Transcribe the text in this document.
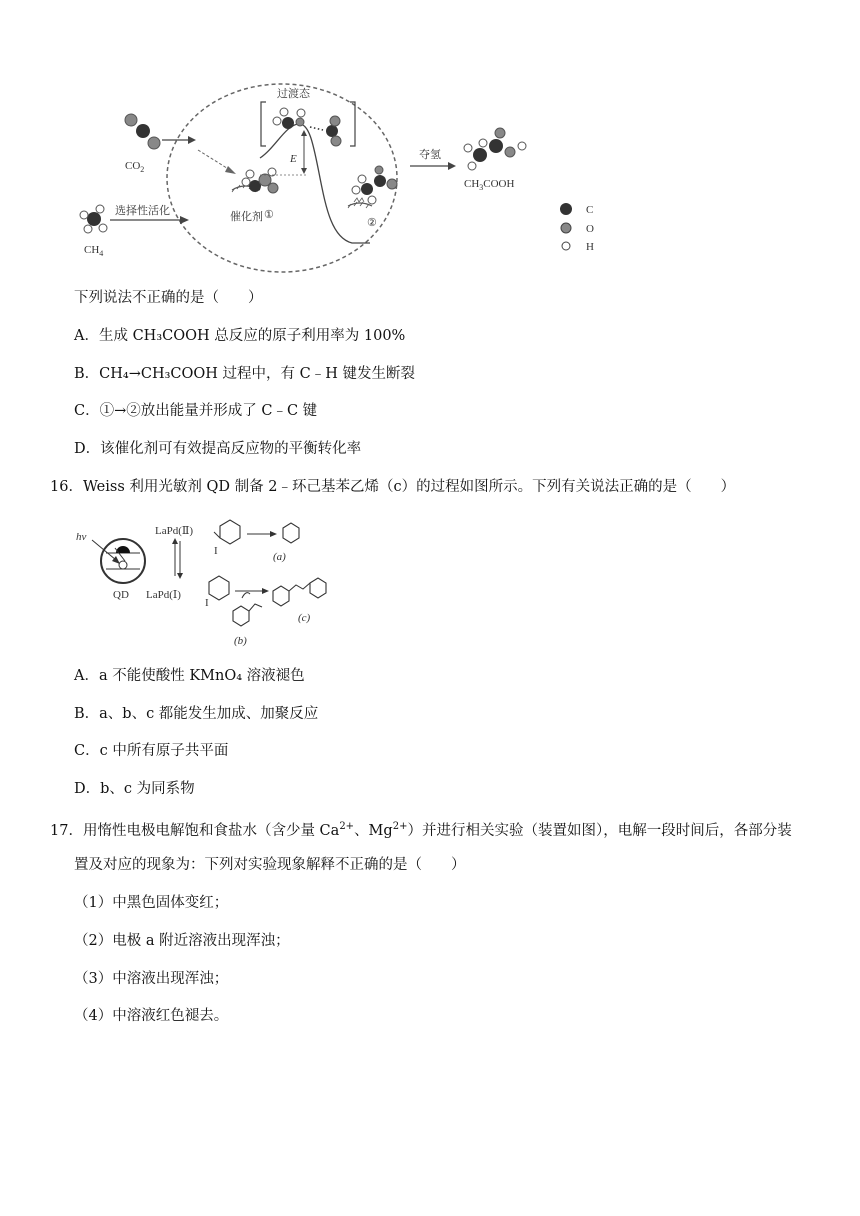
$CO_2$
$CH_4$
选择性活化	催化剂 ①
E
过渡态
②
夺氢
$CH_3COOH$
C
O
H
下列说法不正确的是（　　）
A．生成 CH₃COOH 总反应的原子利用率为 100%
B．CH₄→CH₃COOH 过程中，有 C﹣H 键发生断裂
C．①→②放出能量并形成了 C﹣C 键
D．该催化剂可有效提高反应物的平衡转化率
16．Weiss 利用光敏剂 QD 制备 2﹣环己基苯乙烯（c）的过程如图所示。下列有关说法正确的是（　　）
hν
QD
LaPd(Ⅱ)
I	(a)
LaPd(Ⅰ)
I
(b)
(c)
A．a 不能使酸性 KMnO₄ 溶液褪色
B．a、b、c 都能发生加成、加聚反应
C．c 中所有原子共平面
D．b、c 为同系物
17．用惰性电极电解饱和食盐水（含少量 $Ca^{2+}$、$Mg^{2+}$）并进行相关实验（装置如图），电解一段时间后，各部分装
置及对应的现象为：下列对实验现象解释不正确的是（　　）
（1）中黑色固体变红；
（2）电极 a 附近溶液出现浑浊；
（3）中溶液出现浑浊；
（4）中溶液红色褪去。
